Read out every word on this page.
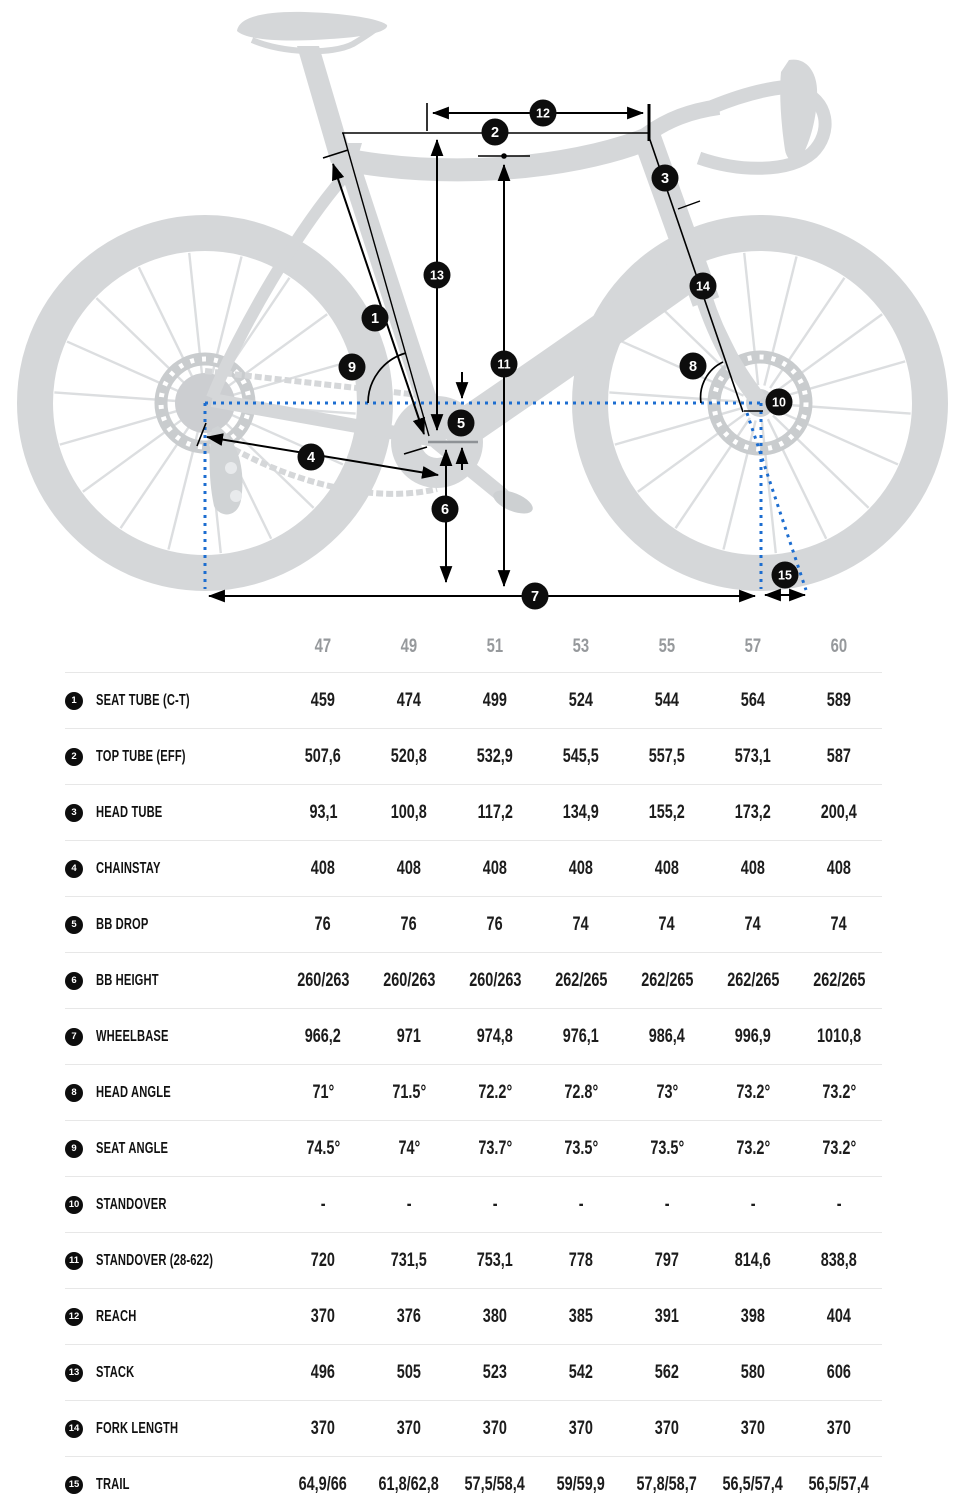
1
2
3
4
5
6
7
8
9
10
11
12
13
14
15
47	49	51	53	55	57	60
1	SEAT TUBE (C-T)	459	474	499	524	544	564	589
2	TOP TUBE (EFF)	507,6	520,8	532,9	545,5	557,5	573,1	587
3	HEAD TUBE	93,1	100,8	117,2	134,9	155,2	173,2	200,4
4	CHAINSTAY	408	408	408	408	408	408	408
5	BB DROP	76	76	76	74	74	74	74
6	BB HEIGHT	260/263	260/263	260/263	262/265	262/265	262/265	262/265
7	WHEELBASE	966,2	971	974,8	976,1	986,4	996,9	1010,8
8	HEAD ANGLE	71°	71.5°	72.2°	72.8°	73°	73.2°	73.2°
9	SEAT ANGLE	74.5°	74°	73.7°	73.5°	73.5°	73.2°	73.2°
10 STANDOVER	-	-	-	-	-	-	-
11 STANDOVER (28-622)	720	731,5	753,1	778	797	814,6	838,8
12 REACH	370	376	380	385	391	398	404
13 STACK	496	505	523	542	562	580	606
14 FORK LENGTH	370	370	370	370	370	370	370
15 TRAIL	64,9/66	61,8/62,8	57,5/58,4	59/59,9	57,8/58,7	56,5/57,4	56,5/57,4
